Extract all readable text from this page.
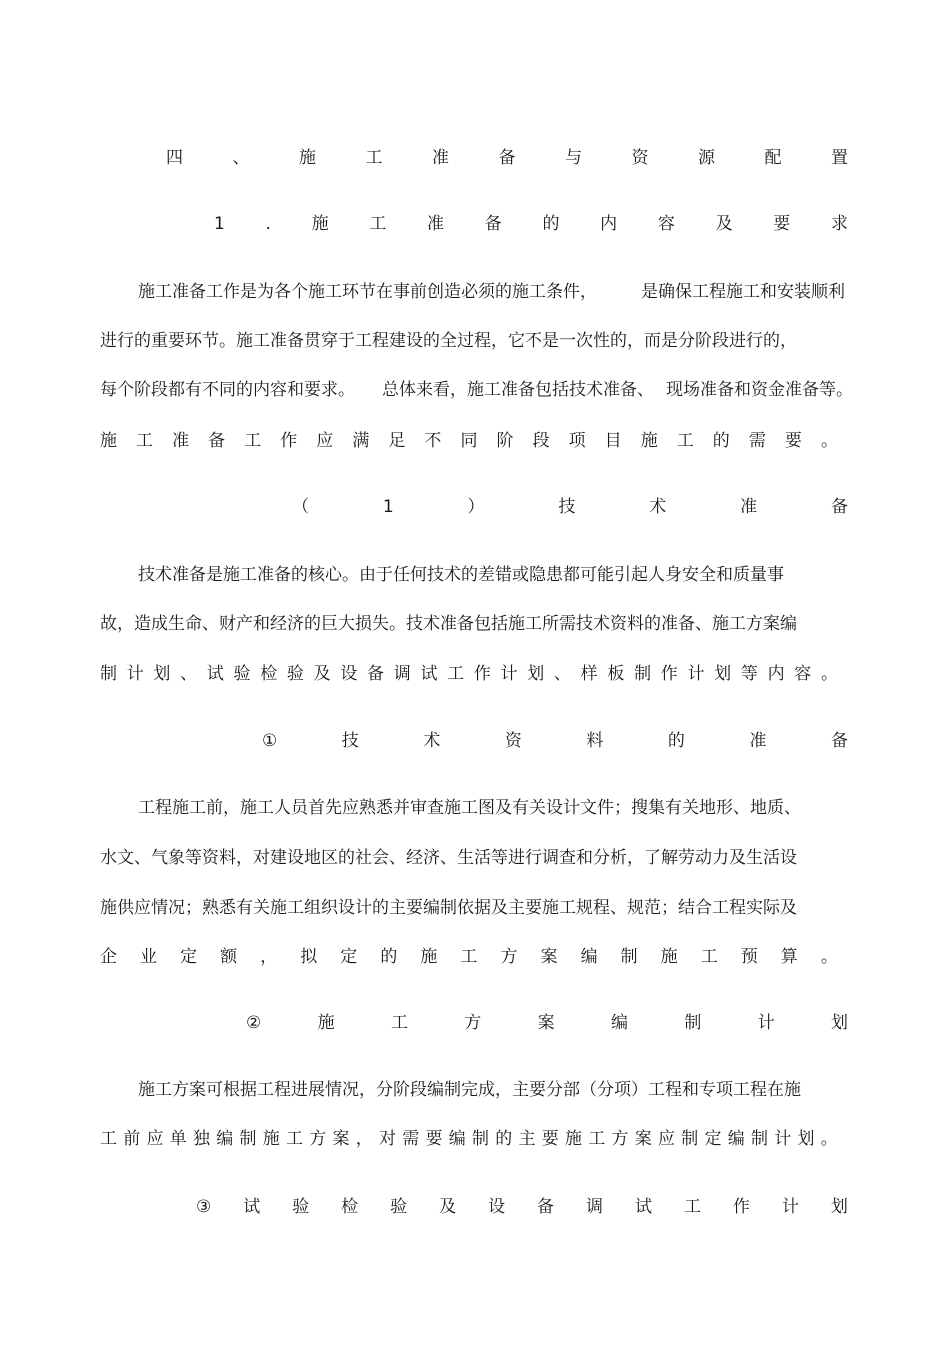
四	、	施	工	准	备	与	资	源	配	置
1 . 施 工 准 备 的 内 容 及 要 求
施工准备工作是为各个施工环节在事前创造必须的施工条件，	是确保工程施工和安装顺利
进行的重要环节。施工准备贯穿于工程建设的全过程，它不是一次性的，而是分阶段进行的，
每个阶段都有不同的内容和要求。 总体来看，施工准备包括技术准备、 现场准备和资金准备等。
施 工 准 备 工 作 应 满 足 不 同 阶 段 项 目 施 工 的 需 要 。
（	1	）	技	术	准	备
技术准备是施工准备的核心。由于任何技术的差错或隐患都可能引起人身安全和质量事
故，造成生命、财产和经济的巨大损失。技术准备包括施工所需技术资料的准备、施工方案编
制 计 划 、 试 验 检 验 及 设 备 调 试 工 作 计 划 、 样 板 制 作 计 划 等 内 容 。
①	技	术	资	料	的	准	备
工程施工前，施工人员首先应熟悉并审查施工图及有关设计文件；搜集有关地形、地质、
水文、气象等资料，对建设地区的社会、经济、生活等进行调查和分析，了解劳动力及生活设
施供应情况；熟悉有关施工组织设计的主要编制依据及主要施工规程、规范；结合工程实际及
企 业 定 额 ， 拟 定 的 施 工 方 案 编 制 施 工 预 算 。
②	施	工	方	案	编	制	计	划
施工方案可根据工程进展情况，分阶段编制完成，主要分部（分项）工程和专项工程在施
工 前 应 单 独 编 制 施 工 方 案 ， 对 需 要 编 制 的 主 要 施 工 方 案 应 制 定 编 制 计 划 。
③ 试 验 检 验 及 设 备 调 试 工 作 计 划
